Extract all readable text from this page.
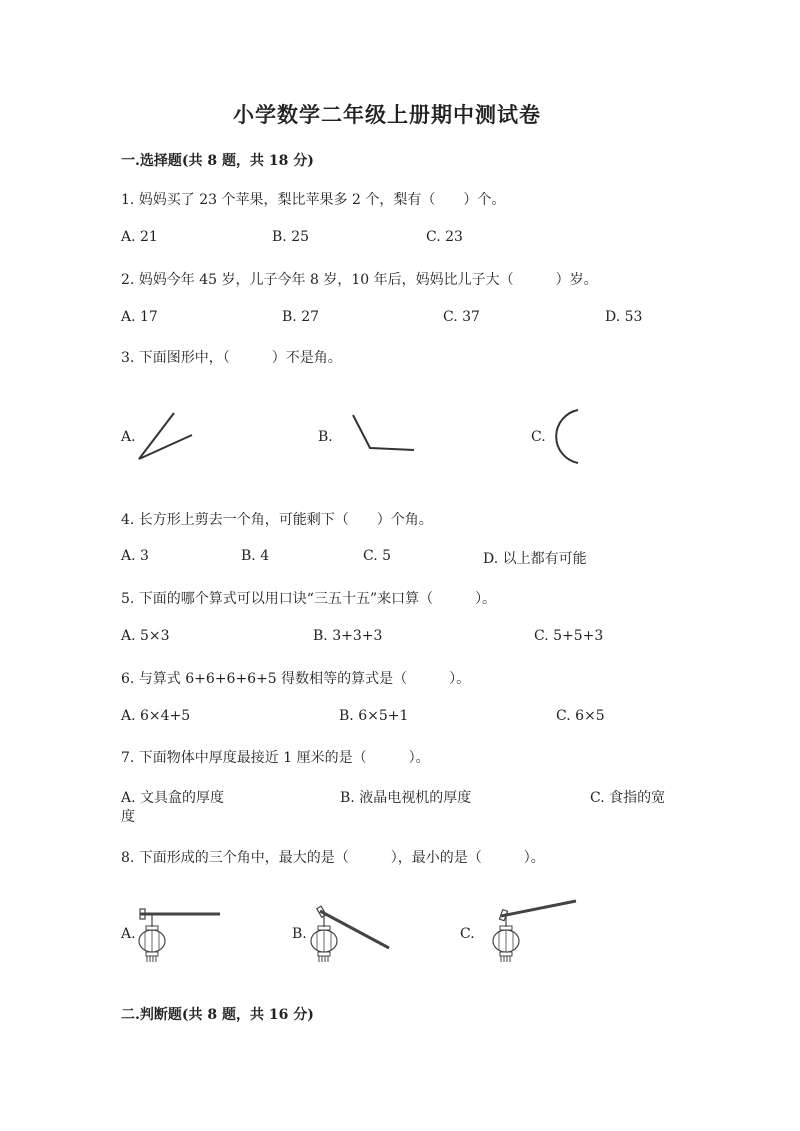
小学数学二年级上册期中测试卷
一.选择题(共 8 题，共 18 分)
1. 妈妈买了 23 个苹果，梨比苹果多 2 个，梨有（　　）个。
A. 21	B. 25	C. 23
2. 妈妈今年 45 岁，儿子今年 8 岁，10 年后，妈妈比儿子大（　　　）岁。
A. 17	B. 27	C. 37	D. 53
3. 下面图形中，（　　　）不是角。
A.	B.	C.
4. 长方形上剪去一个角，可能剩下（　　）个角。
A. 3	B. 4	C. 5	D. 以上都有可能
5. 下面的哪个算式可以用口诀“三五十五”来口算（　　　）。
A. 5×3	B. 3+3+3	C. 5+5+3
6. 与算式 6+6+6+6+5 得数相等的算式是（　　　）。
A. 6×4+5	B. 6×5+1	C. 6×5
7. 下面物体中厚度最接近 1 厘米的是（　　　）。
A. 文具盒的厚度	B. 液晶电视机的厚度	C. 食指的宽
度
8. 下面形成的三个角中，最大的是（　　　），最小的是（　　　）。
A.	B.	C.
二.判断题(共 8 题，共 16 分)
